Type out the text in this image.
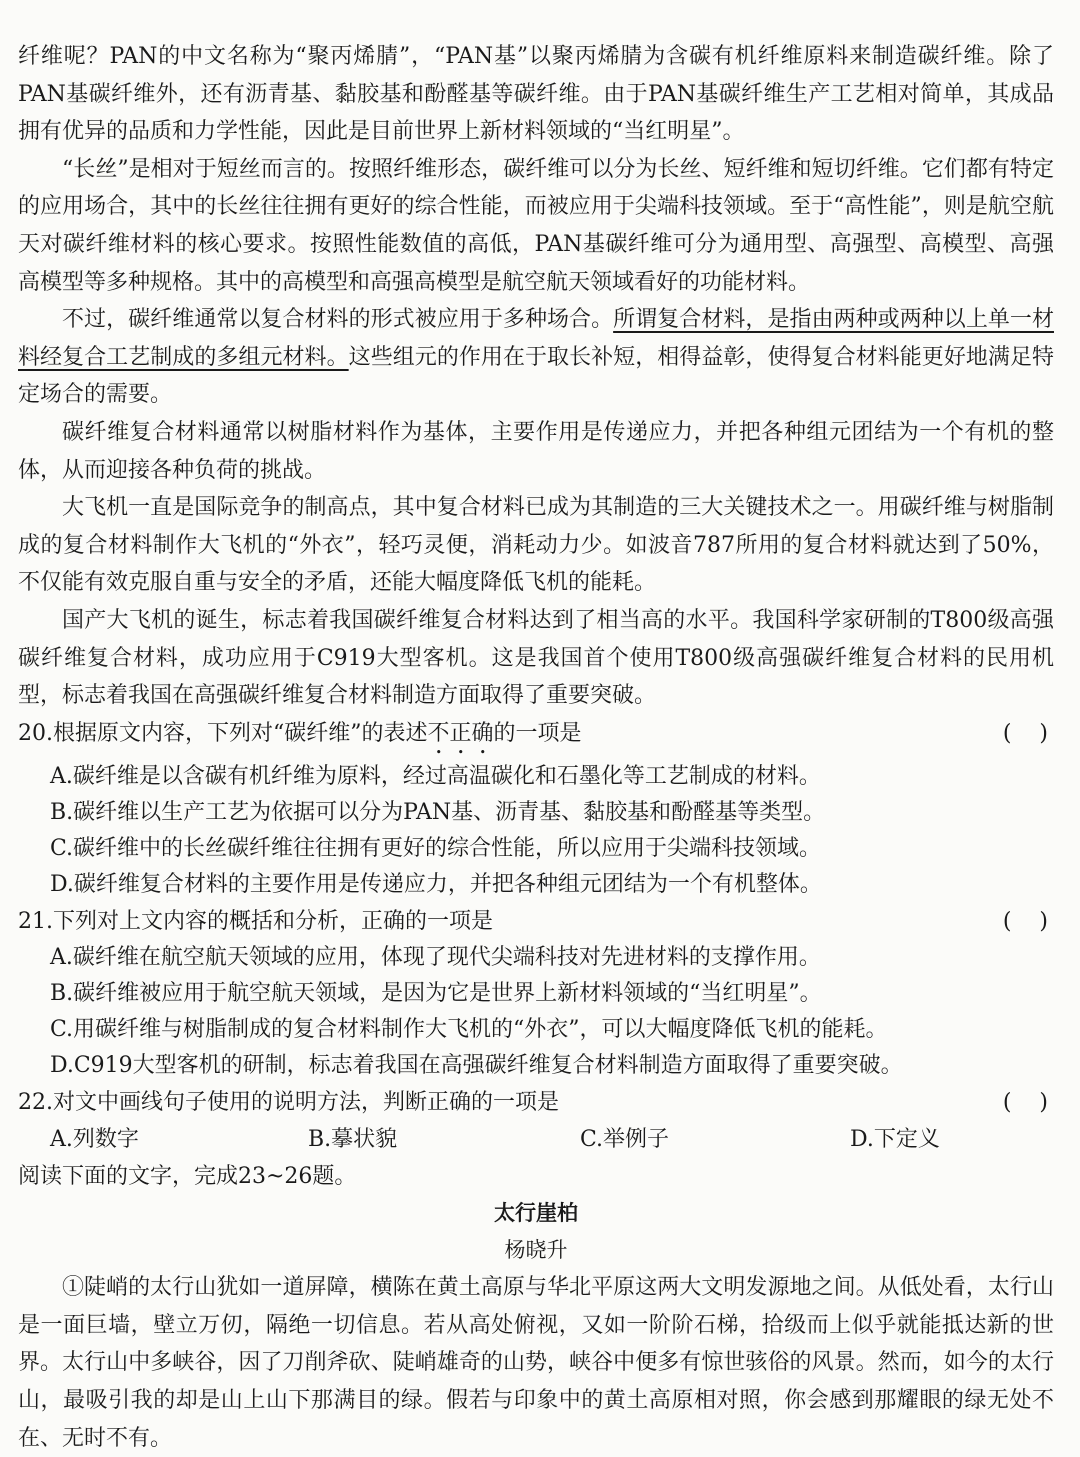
纤维呢？PAN的中文名称为“聚丙烯腈”，“PAN基”以聚丙烯腈为含碳有机纤维原料来制造碳纤维。除了PAN基碳纤维外，还有沥青基、黏胶基和酚醛基等碳纤维。由于PAN基碳纤维生产工艺相对简单，其成品拥有优异的品质和力学性能，因此是目前世界上新材料领域的“当红明星”。

“长丝”是相对于短丝而言的。按照纤维形态，碳纤维可以分为长丝、短纤维和短切纤维。它们都有特定的应用场合，其中的长丝往往拥有更好的综合性能，而被应用于尖端科技领域。至于“高性能”，则是航空航天对碳纤维材料的核心要求。按照性能数值的高低，PAN基碳纤维可分为通用型、高强型、高模型、高强高模型等多种规格。其中的高模型和高强高模型是航空航天领域看好的功能材料。

不过，碳纤维通常以复合材料的形式被应用于多种场合。所谓复合材料，是指由两种或两种以上单一材料经复合工艺制成的多组元材料。这些组元的作用在于取长补短，相得益彰，使得复合材料能更好地满足特定场合的需要。

碳纤维复合材料通常以树脂材料作为基体，主要作用是传递应力，并把各种组元团结为一个有机的整体，从而迎接各种负荷的挑战。

大飞机一直是国际竞争的制高点，其中复合材料已成为其制造的三大关键技术之一。用碳纤维与树脂制成的复合材料制作大飞机的“外衣”，轻巧灵便，消耗动力少。如波音787所用的复合材料就达到了50%，不仅能有效克服自重与安全的矛盾，还能大幅度降低飞机的能耗。

国产大飞机的诞生，标志着我国碳纤维复合材料达到了相当高的水平。我国科学家研制的T800级高强碳纤维复合材料，成功应用于C919大型客机。这是我国首个使用T800级高强碳纤维复合材料的民用机型，标志着我国在高强碳纤维复合材料制造方面取得了重要突破。

20.根据原文内容，下列对“碳纤维”的表述不正确的一项是	(    )

A.碳纤维是以含碳有机纤维为原料，经过高温碳化和石墨化等工艺制成的材料。

B.碳纤维以生产工艺为依据可以分为PAN基、沥青基、黏胶基和酚醛基等类型。

C.碳纤维中的长丝碳纤维往往拥有更好的综合性能，所以应用于尖端科技领域。

D.碳纤维复合材料的主要作用是传递应力，并把各种组元团结为一个有机整体。

21.下列对上文内容的概括和分析，正确的一项是	(    )

A.碳纤维在航空航天领域的应用，体现了现代尖端科技对先进材料的支撑作用。

B.碳纤维被应用于航空航天领域，是因为它是世界上新材料领域的“当红明星”。

C.用碳纤维与树脂制成的复合材料制作大飞机的“外衣”，可以大幅度降低飞机的能耗。

D.C919大型客机的研制，标志着我国在高强碳纤维复合材料制造方面取得了重要突破。

22.对文中画线句子使用的说明方法，判断正确的一项是	(    )
A.列数字	B.摹状貌	C.举例子	D.下定义

阅读下面的文字，完成23~26题。

太行崖柏

杨晓升

①陡峭的太行山犹如一道屏障，横陈在黄土高原与华北平原这两大文明发源地之间。从低处看，太行山是一面巨墙，壁立万仞，隔绝一切信息。若从高处俯视，又如一阶阶石梯，拾级而上似乎就能抵达新的世界。太行山中多峡谷，因了刀削斧砍、陡峭雄奇的山势，峡谷中便多有惊世骇俗的风景。然而，如今的太行山，最吸引我的却是山上山下那满目的绿。假若与印象中的黄土高原相对照，你会感到那耀眼的绿无处不在、无时不有。
